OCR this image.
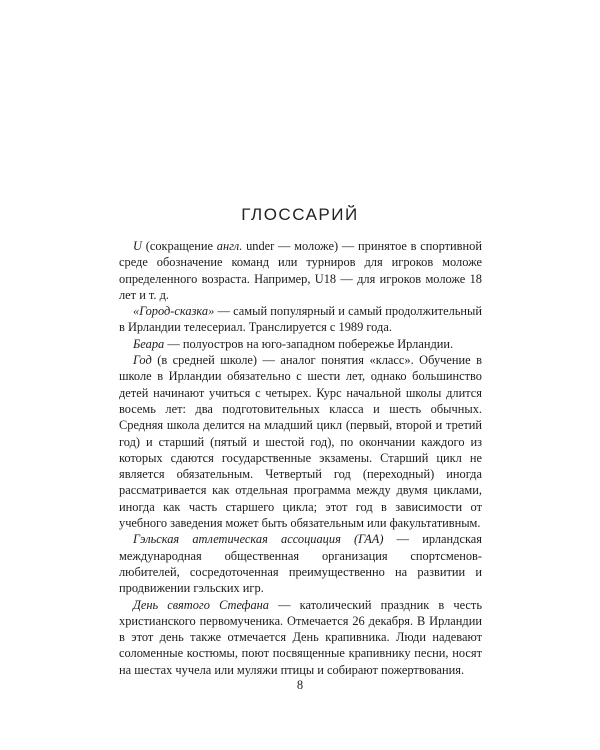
ГЛОССАРИЙ

U (сокращение англ. under — моложе) — принятое в спортивной среде обозначение команд или турниров для игроков моложе определенного возраста. Например, U18 — для игроков моложе 18 лет и т. д.

«Город-сказка» — самый популярный и самый продолжительный в Ирландии телесериал. Транслируется с 1989 года.

Беара — полуостров на юго-западном побережье Ирландии.

Год (в средней школе) — аналог понятия «класс». Обучение в школе в Ирландии обязательно с шести лет, однако большинство детей начинают учиться с четырех. Курс начальной школы длится восемь лет: два подготовительных класса и шесть обычных. Средняя школа делится на младший цикл (первый, второй и третий год) и старший (пятый и шестой год), по окончании каждого из которых сдаются государственные экзамены. Старший цикл не является обязательным. Четвертый год (переходный) иногда рассматривается как отдельная программа между двумя циклами, иногда как часть старшего цикла; этот год в зависимости от учебного заведения может быть обязательным или факультативным.

Гэльская атлетическая ассоциация (ГАА) — ирландская международная общественная организация спортсменов-любителей, сосредоточенная преимущественно на развитии и продвижении гэльских игр.

День святого Стефана — католический праздник в честь христианского первомученика. Отмечается 26 декабря. В Ирландии в этот день также отмечается День крапивника. Люди надевают соломенные костюмы, поют посвященные крапивнику песни, носят на шестах чучела или муляжи птицы и собирают пожертвования.

8
